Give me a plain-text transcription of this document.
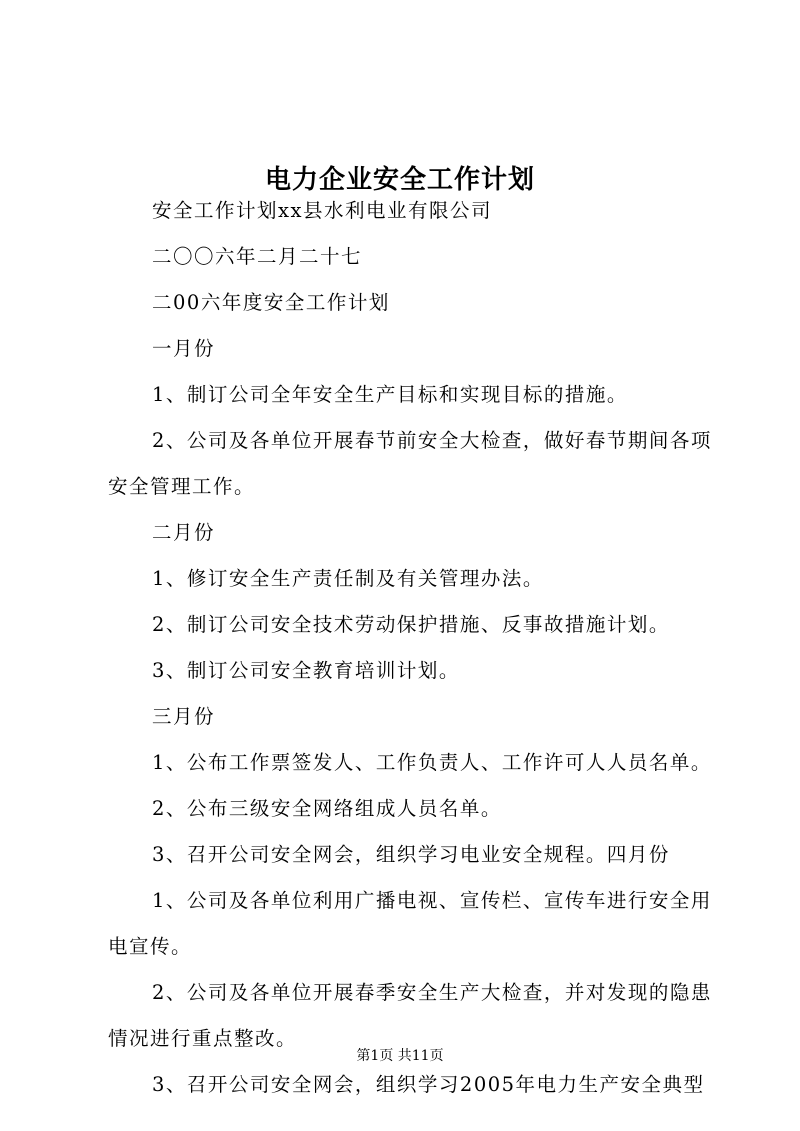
电力企业安全工作计划

安全工作计划xx县水利电业有限公司

二〇〇六年二月二十七

二00六年度安全工作计划

一月份

1、制订公司全年安全生产目标和实现目标的措施。

2、公司及各单位开展春节前安全大检查，做好春节期间各项安全管理工作。

二月份

1、修订安全生产责任制及有关管理办法。

2、制订公司安全技术劳动保护措施、反事故措施计划。

3、制订公司安全教育培训计划。

三月份

1、公布工作票签发人、工作负责人、工作许可人人员名单。

2、公布三级安全网络组成人员名单。

3、召开公司安全网会，组织学习电业安全规程。四月份

1、公司及各单位利用广播电视、宣传栏、宣传车进行安全用电宣传。

2、公司及各单位开展春季安全生产大检查，并对发现的隐患情况进行重点整改。

第1页 共11页

3、召开公司安全网会，组织学习2005年电力生产安全典型
